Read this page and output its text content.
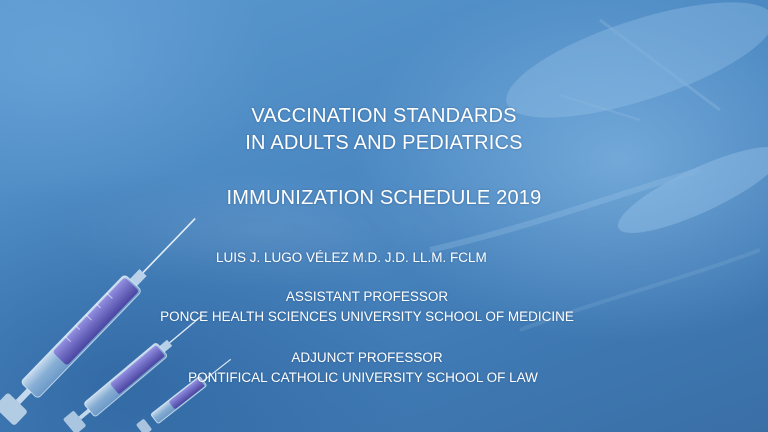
VACCINATION STANDARDS
IN ADULTS AND PEDIATRICS
IMMUNIZATION SCHEDULE 2019
LUIS J. LUGO VÉLEZ M.D. J.D. LL.M. FCLM
ASSISTANT PROFESSOR
PONCE HEALTH SCIENCES UNIVERSITY SCHOOL OF MEDICINE
ADJUNCT PROFESSOR
PONTIFICAL CATHOLIC UNIVERSITY SCHOOL OF LAW
